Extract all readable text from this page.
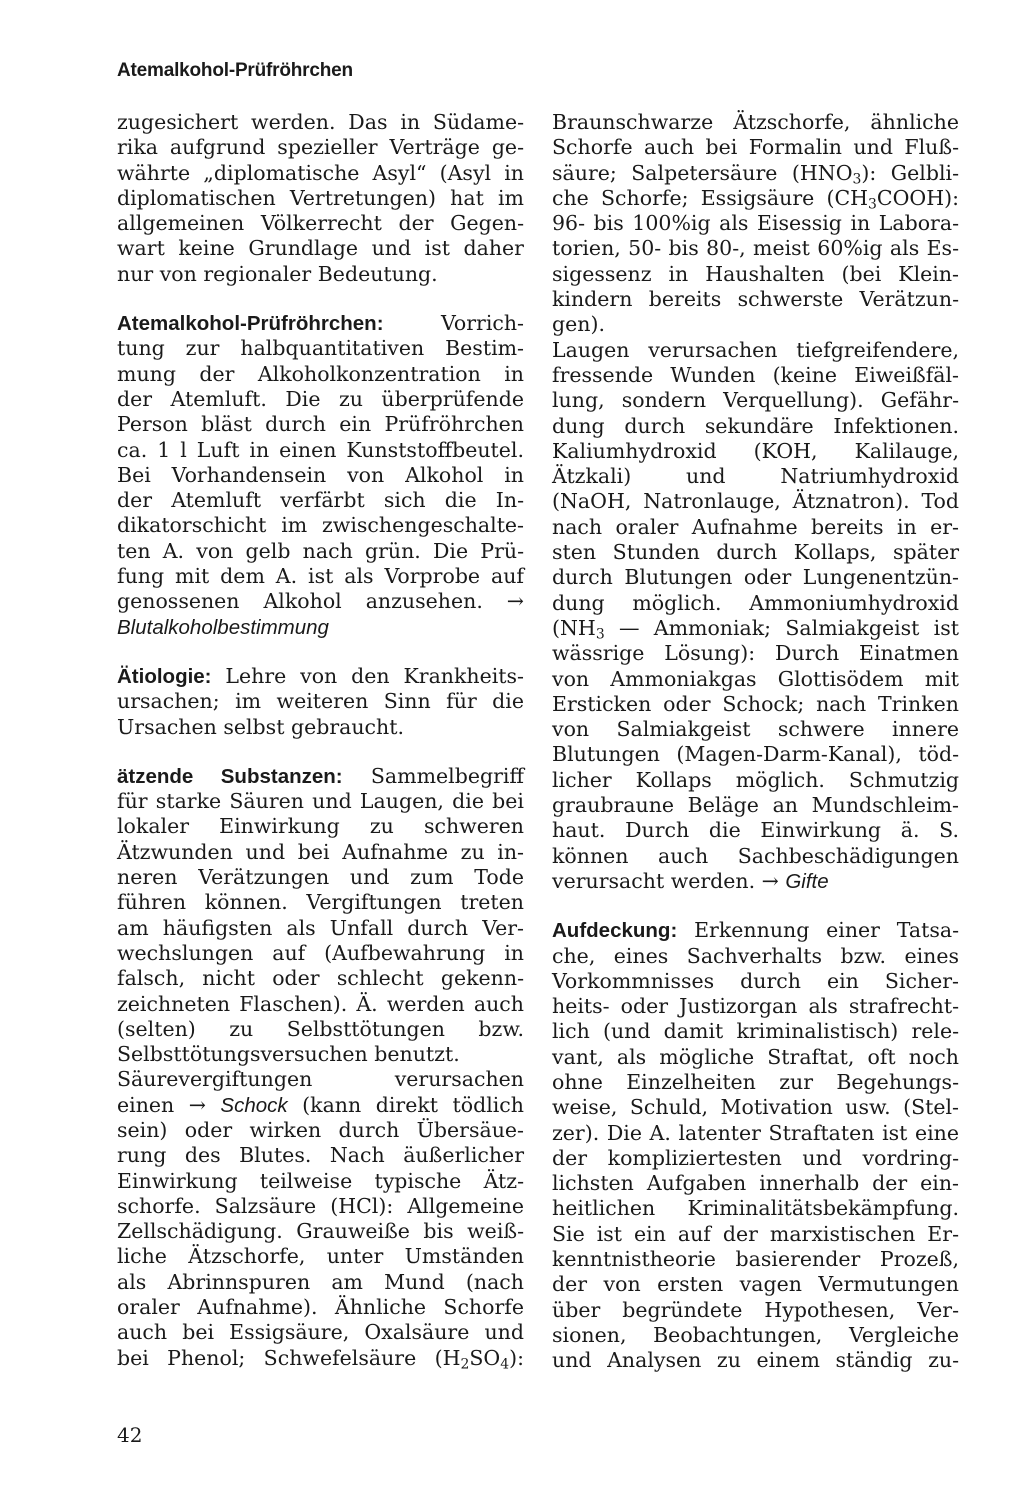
Atemalkohol-Prüfröhrchen
zugesichert werden. Das in Südame-
rika aufgrund spezieller Verträge ge-
währte „diplomatische Asyl“ (Asyl in
diplomatischen Vertretungen) hat im
allgemeinen Völkerrecht der Gegen-
wart keine Grundlage und ist daher
nur von regionaler Bedeutung.
Atemalkohol-Prüfröhrchen: Vorrich-
tung zur halbquantitativen Bestim-
mung der Alkoholkonzentration in
der Atemluft. Die zu überprüfende
Person bläst durch ein Prüfröhrchen
ca. 1 l Luft in einen Kunststoffbeutel.
Bei Vorhandensein von Alkohol in
der Atemluft verfärbt sich die In-
dikatorschicht im zwischengeschalte-
ten A. von gelb nach grün. Die Prü-
fung mit dem A. ist als Vorprobe auf
genossenen Alkohol anzusehen. →
Blutalkoholbestimmung
Ätiologie: Lehre von den Krankheits-
ursachen; im weiteren Sinn für die
Ursachen selbst gebraucht.
ätzende Substanzen: Sammelbegriff
für starke Säuren und Laugen, die bei
lokaler Einwirkung zu schweren
Ätzwunden und bei Aufnahme zu in-
neren Verätzungen und zum Tode
führen können. Vergiftungen treten
am häufigsten als Unfall durch Ver-
wechslungen auf (Aufbewahrung in
falsch, nicht oder schlecht gekenn-
zeichneten Flaschen). Ä. werden auch
(selten) zu Selbsttötungen bzw.
Selbsttötungsversuchen benutzt.
Säurevergiftungen verursachen
einen → Schock (kann direkt tödlich
sein) oder wirken durch Übersäue-
rung des Blutes. Nach äußerlicher
Einwirkung teilweise typische Ätz-
schorfe. Salzsäure (HCl): Allgemeine
Zellschädigung. Grauweiße bis weiß-
liche Ätzschorfe, unter Umständen
als Abrinnspuren am Mund (nach
oraler Aufnahme). Ähnliche Schorfe
auch bei Essigsäure, Oxalsäure und
bei Phenol; Schwefelsäure $(H_2SO_4)$:
Braunschwarze Ätzschorfe, ähnliche
Schorfe auch bei Formalin und Fluß-
säure; Salpetersäure $(HNO_3)$: Gelbli-
che Schorfe; Essigsäure $(CH_3COOH)$:
96- bis 100%ig als Eisessig in Labora-
torien, 50- bis 80-, meist 60%ig als Es-
sigessenz in Haushalten (bei Klein-
kindern bereits schwerste Verätzun-
gen).
Laugen verursachen tiefgreifendere,
fressende Wunden (keine Eiweißfäl-
lung, sondern Verquellung). Gefähr-
dung durch sekundäre Infektionen.
Kaliumhydroxid (KOH, Kalilauge,
Ätzkali) und Natriumhydroxid
(NaOH, Natronlauge, Ätznatron). Tod
nach oraler Aufnahme bereits in er-
sten Stunden durch Kollaps, später
durch Blutungen oder Lungenentzün-
dung möglich. Ammoniumhydroxid
($NH_3$ — Ammoniak; Salmiakgeist ist
wässrige Lösung): Durch Einatmen
von Ammoniakgas Glottisödem mit
Ersticken oder Schock; nach Trinken
von Salmiakgeist schwere innere
Blutungen (Magen-Darm-Kanal), töd-
licher Kollaps möglich. Schmutzig
graubraune Beläge an Mundschleim-
haut. Durch die Einwirkung ä. S.
können auch Sachbeschädigungen
verursacht werden. → Gifte
Aufdeckung: Erkennung einer Tatsa-
che, eines Sachverhalts bzw. eines
Vorkommnisses durch ein Sicher-
heits- oder Justizorgan als strafrecht-
lich (und damit kriminalistisch) rele-
vant, als mögliche Straftat, oft noch
ohne Einzelheiten zur Begehungs-
weise, Schuld, Motivation usw. (Stel-
zer). Die A. latenter Straftaten ist eine
der kompliziertesten und vordring-
lichsten Aufgaben innerhalb der ein-
heitlichen Kriminalitätsbekämpfung.
Sie ist ein auf der marxistischen Er-
kenntnistheorie basierender Prozeß,
der von ersten vagen Vermutungen
über begründete Hypothesen, Ver-
sionen, Beobachtungen, Vergleiche
und Analysen zu einem ständig zu-
42
